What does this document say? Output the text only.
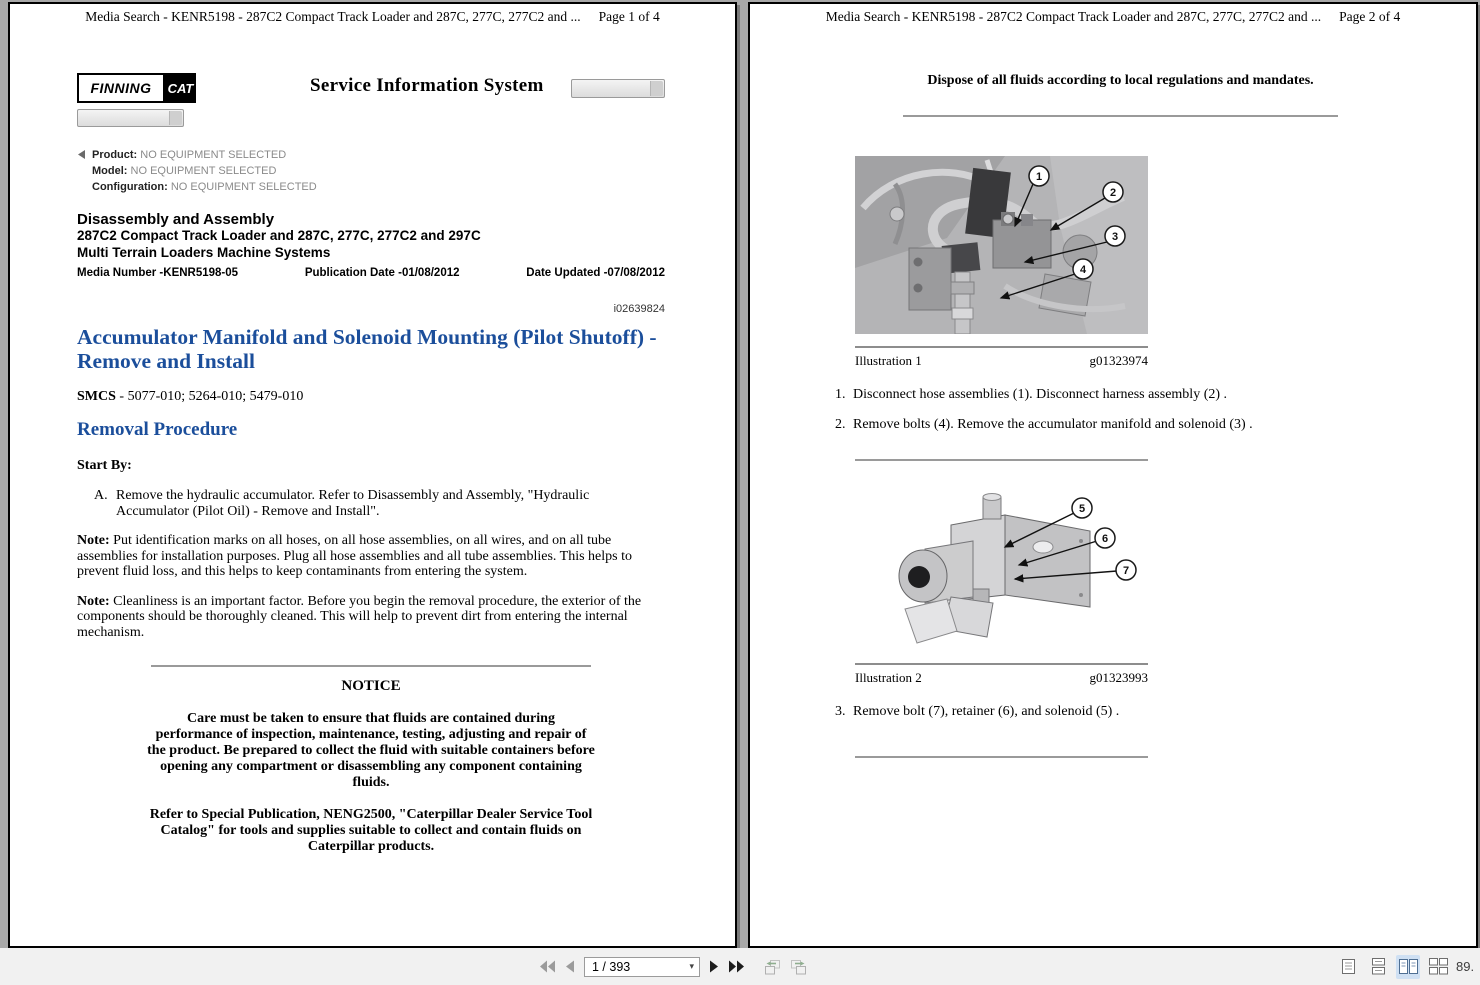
Media Search - KENR5198 - 287C2 Compact Track Loader and 287C, 277C, 277C2 and ... Page 1 of 4
FINNING	CAT	Service Information System
Product: NO EQUIPMENT SELECTED
Model: NO EQUIPMENT SELECTED
Configuration: NO EQUIPMENT SELECTED
Disassembly and Assembly
287C2 Compact Track Loader and 287C, 277C, 277C2 and 297C
Multi Terrain Loaders Machine Systems
Media Number -KENR5198-05	Publication Date -01/08/2012	Date Updated -07/08/2012
i02639824
Accumulator Manifold and Solenoid Mounting (Pilot Shutoff) - Remove and Install
SMCS - 5077-010; 5264-010; 5479-010
Removal Procedure
Start By:
A. Remove the hydraulic accumulator. Refer to Disassembly and Assembly, "Hydraulic Accumulator (Pilot Oil) - Remove and Install".
Note: Put identification marks on all hoses, on all hose assemblies, on all wires, and on all tube assemblies for installation purposes. Plug all hose assemblies and all tube assemblies. This helps to prevent fluid loss, and this helps to keep contaminants from entering the system.
Note: Cleanliness is an important factor. Before you begin the removal procedure, the exterior of the components should be thoroughly cleaned. This will help to prevent dirt from entering the internal mechanism.
NOTICE
Care must be taken to ensure that fluids are contained during performance of inspection, maintenance, testing, adjusting and repair of the product. Be prepared to collect the fluid with suitable containers before opening any compartment or disassembling any component containing fluids.
Refer to Special Publication, NENG2500, "Caterpillar Dealer Service Tool Catalog" for tools and supplies suitable to collect and contain fluids on Caterpillar products.
Media Search - KENR5198 - 287C2 Compact Track Loader and 287C, 277C, 277C2 and ... Page 2 of 4
Dispose of all fluids according to local regulations and mandates.
1
2
3
4
Illustration 1	g01323974
1. Disconnect hose assemblies (1). Disconnect harness assembly (2) .
2. Remove bolts (4). Remove the accumulator manifold and solenoid (3) .
5
6
7
Illustration 2	g01323993
3. Remove bolt (7), retainer (6), and solenoid (5) .
1 / 393	▾	89.
